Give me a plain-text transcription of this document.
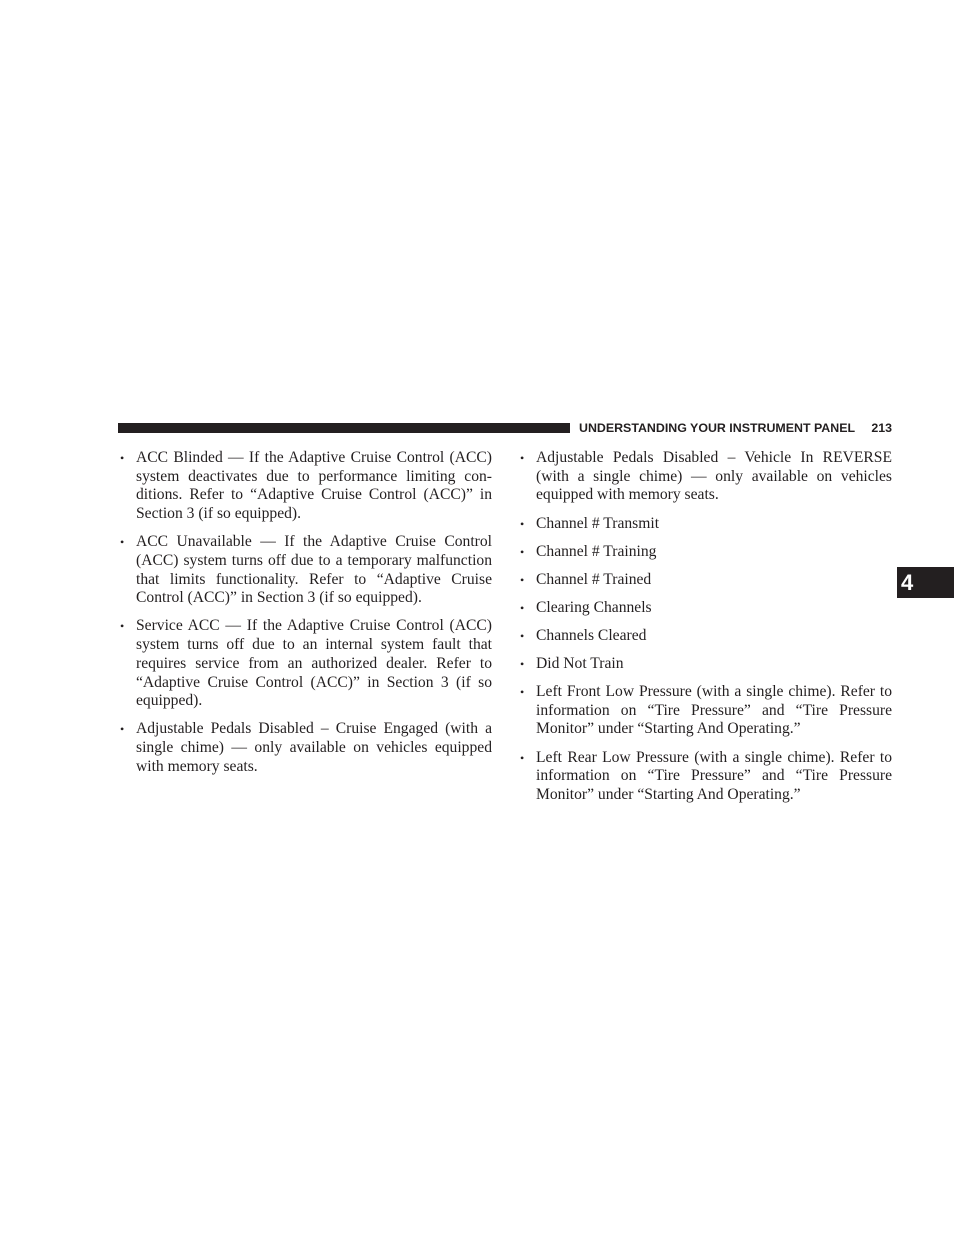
UNDERSTANDING YOUR INSTRUMENT PANEL 213
4
• ACC Blinded — If the Adaptive Cruise Control (ACC) system deactivates due to performance limiting conditions. Refer to “Adaptive Cruise Control (ACC)” in Section 3 (if so equipped).
• ACC Unavailable — If the Adaptive Cruise Control (ACC) system turns off due to a temporary malfunction that limits functionality. Refer to “Adaptive Cruise Control (ACC)” in Section 3 (if so equipped).
• Service ACC — If the Adaptive Cruise Control (ACC) system turns off due to an internal system fault that requires service from an authorized dealer. Refer to “Adaptive Cruise Control (ACC)” in Section 3 (if so equipped).
• Adjustable Pedals Disabled – Cruise Engaged (with a single chime) — only available on vehicles equipped with memory seats.
• Adjustable Pedals Disabled – Vehicle In REVERSE (with a single chime) — only available on vehicles equipped with memory seats.
• Channel # Transmit
• Channel # Training
• Channel # Trained
• Clearing Channels
• Channels Cleared
• Did Not Train
• Left Front Low Pressure (with a single chime). Refer to information on “Tire Pressure” and “Tire Pressure Monitor” under “Starting And Operating.”
• Left Rear Low Pressure (with a single chime). Refer to information on “Tire Pressure” and “Tire Pressure Monitor” under “Starting And Operating.”
